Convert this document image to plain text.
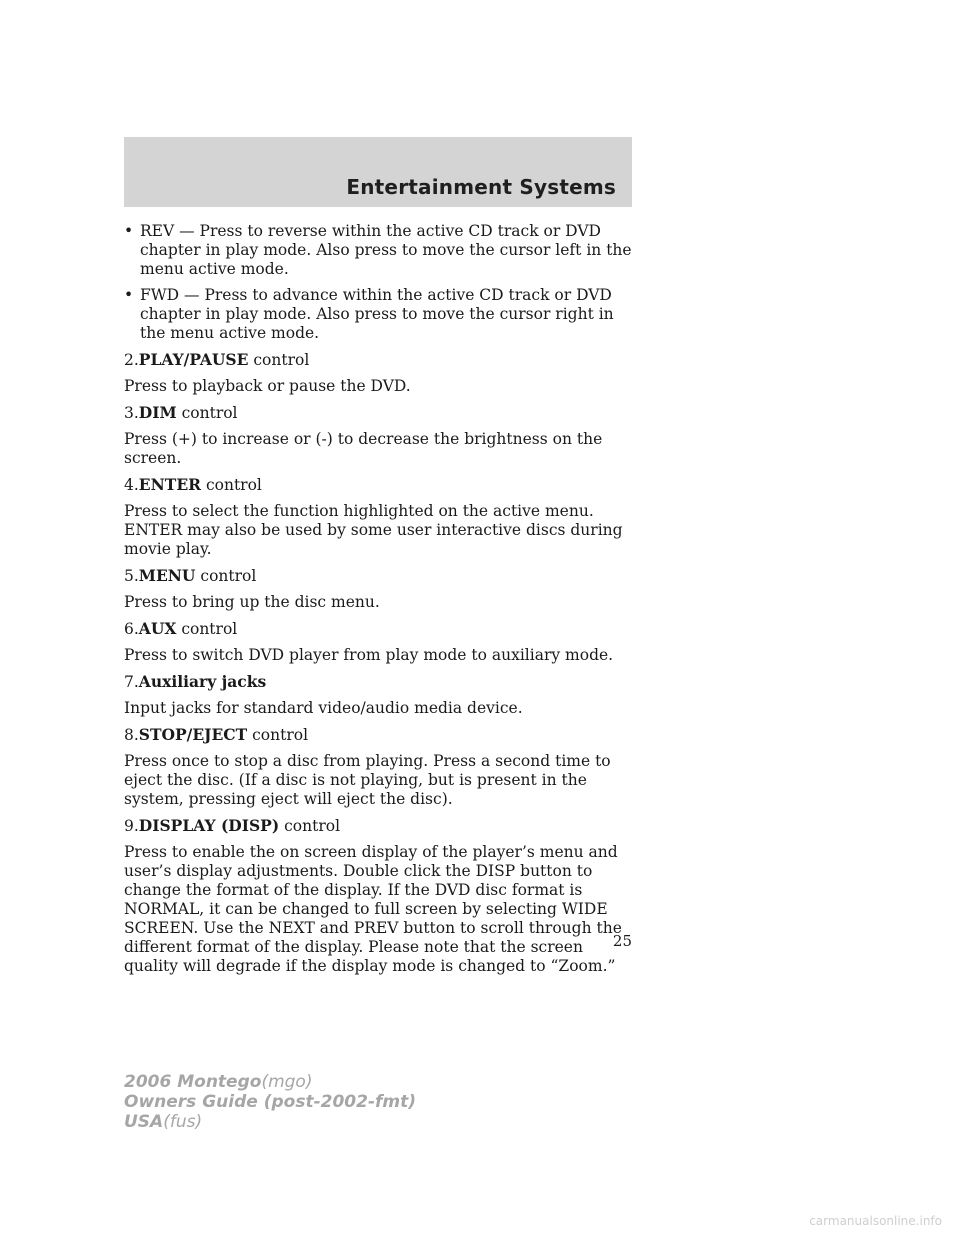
Entertainment Systems
• REV — Press to reverse within the active CD track or DVD chapter in play mode. Also press to move the cursor left in the menu active mode.
• FWD — Press to advance within the active CD track or DVD chapter in play mode. Also press to move the cursor right in the menu active mode.
2.PLAY/PAUSE control
Press to playback or pause the DVD.
3.DIM control
Press (+) to increase or (-) to decrease the brightness on the screen.
4.ENTER control
Press to select the function highlighted on the active menu. ENTER may also be used by some user interactive discs during movie play.
5.MENU control
Press to bring up the disc menu.
6.AUX control
Press to switch DVD player from play mode to auxiliary mode.
7.Auxiliary jacks
Input jacks for standard video/audio media device.
8.STOP/EJECT control
Press once to stop a disc from playing. Press a second time to eject the disc. (If a disc is not playing, but is present in the system, pressing eject will eject the disc).
9.DISPLAY (DISP) control
Press to enable the on screen display of the player’s menu and user’s display adjustments. Double click the DISP button to change the format of the display. If the DVD disc format is NORMAL, it can be changed to full screen by selecting WIDE SCREEN. Use the NEXT and PREV button to scroll through the different format of the display. Please note that the screen quality will degrade if the display mode is changed to “Zoom.”
25
2006 Montego(mgo)
Owners Guide (post-2002-fmt)
USA(fus)
carmanualsonline.info
